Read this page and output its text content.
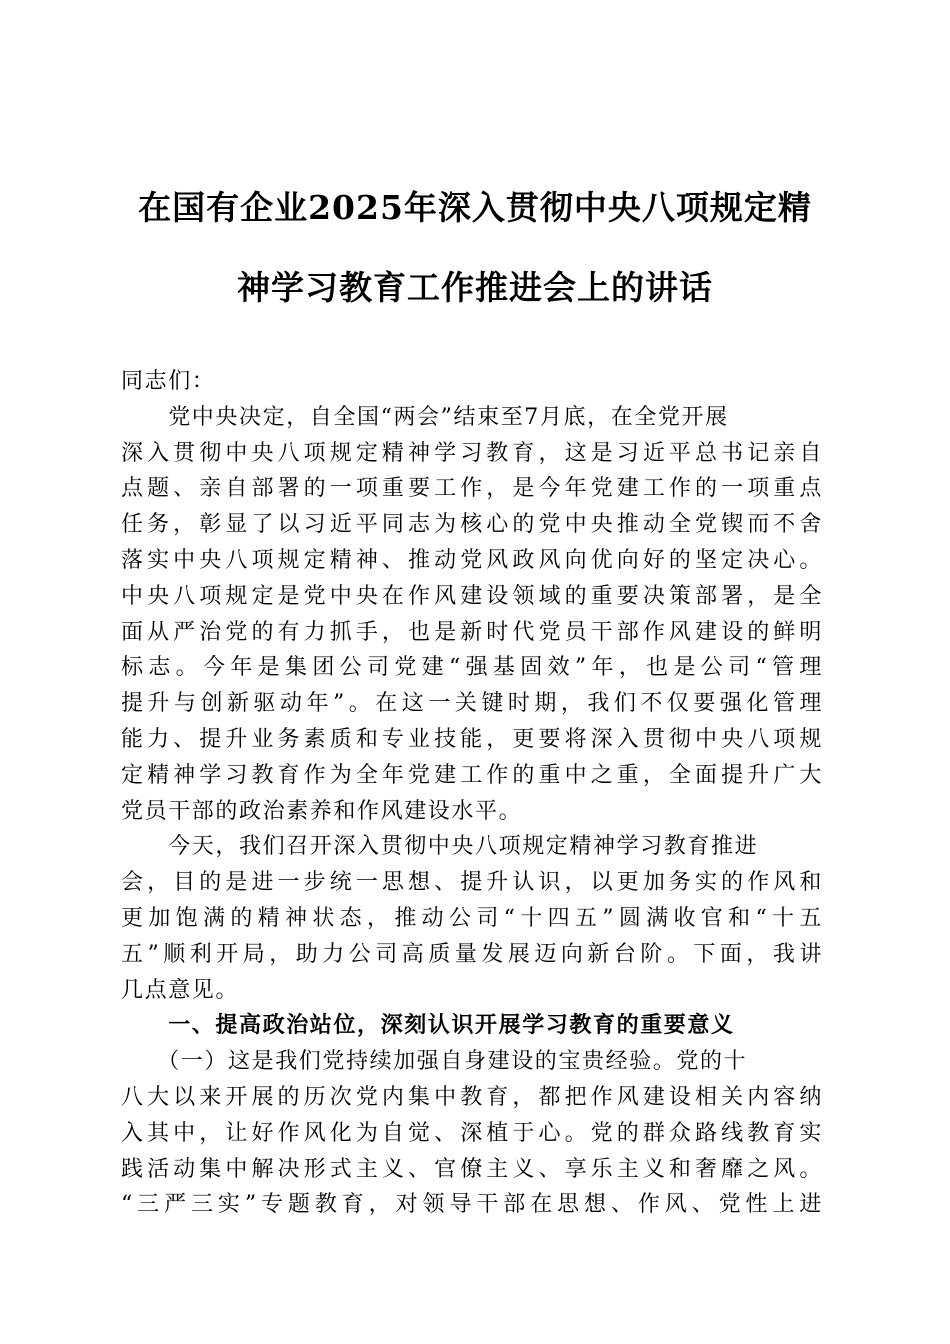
在国有企业2025年深入贯彻中央八项规定精
神学习教育工作推进会上的讲话
同志们：
　　党中央决定，自全国“两会”结束至7月底，在全党开展
深入贯彻中央八项规定精神学习教育，这是习近平总书记亲自
点题、亲自部署的一项重要工作，是今年党建工作的一项重点
任务，彰显了以习近平同志为核心的党中央推动全党锲而不舍
落实中央八项规定精神、推动党风政风向优向好的坚定决心。
中央八项规定是党中央在作风建设领域的重要决策部署，是全
面从严治党的有力抓手，也是新时代党员干部作风建设的鲜明
标志。今年是集团公司党建“强基固效”年，也是公司“管理
提升与创新驱动年”。在这一关键时期，我们不仅要强化管理
能力、提升业务素质和专业技能，更要将深入贯彻中央八项规
定精神学习教育作为全年党建工作的重中之重，全面提升广大
党员干部的政治素养和作风建设水平。
　　今天，我们召开深入贯彻中央八项规定精神学习教育推进
会，目的是进一步统一思想、提升认识，以更加务实的作风和
更加饱满的精神状态，推动公司“十四五”圆满收官和“十五
五”顺利开局，助力公司高质量发展迈向新台阶。下面，我讲
几点意见。
　　一、提高政治站位，深刻认识开展学习教育的重要意义
　　（一）这是我们党持续加强自身建设的宝贵经验。党的十
八大以来开展的历次党内集中教育，都把作风建设相关内容纳
入其中，让好作风化为自觉、深植于心。党的群众路线教育实
践活动集中解决形式主义、官僚主义、享乐主义和奢靡之风。
“三严三实”专题教育，对领导干部在思想、作风、党性上进
